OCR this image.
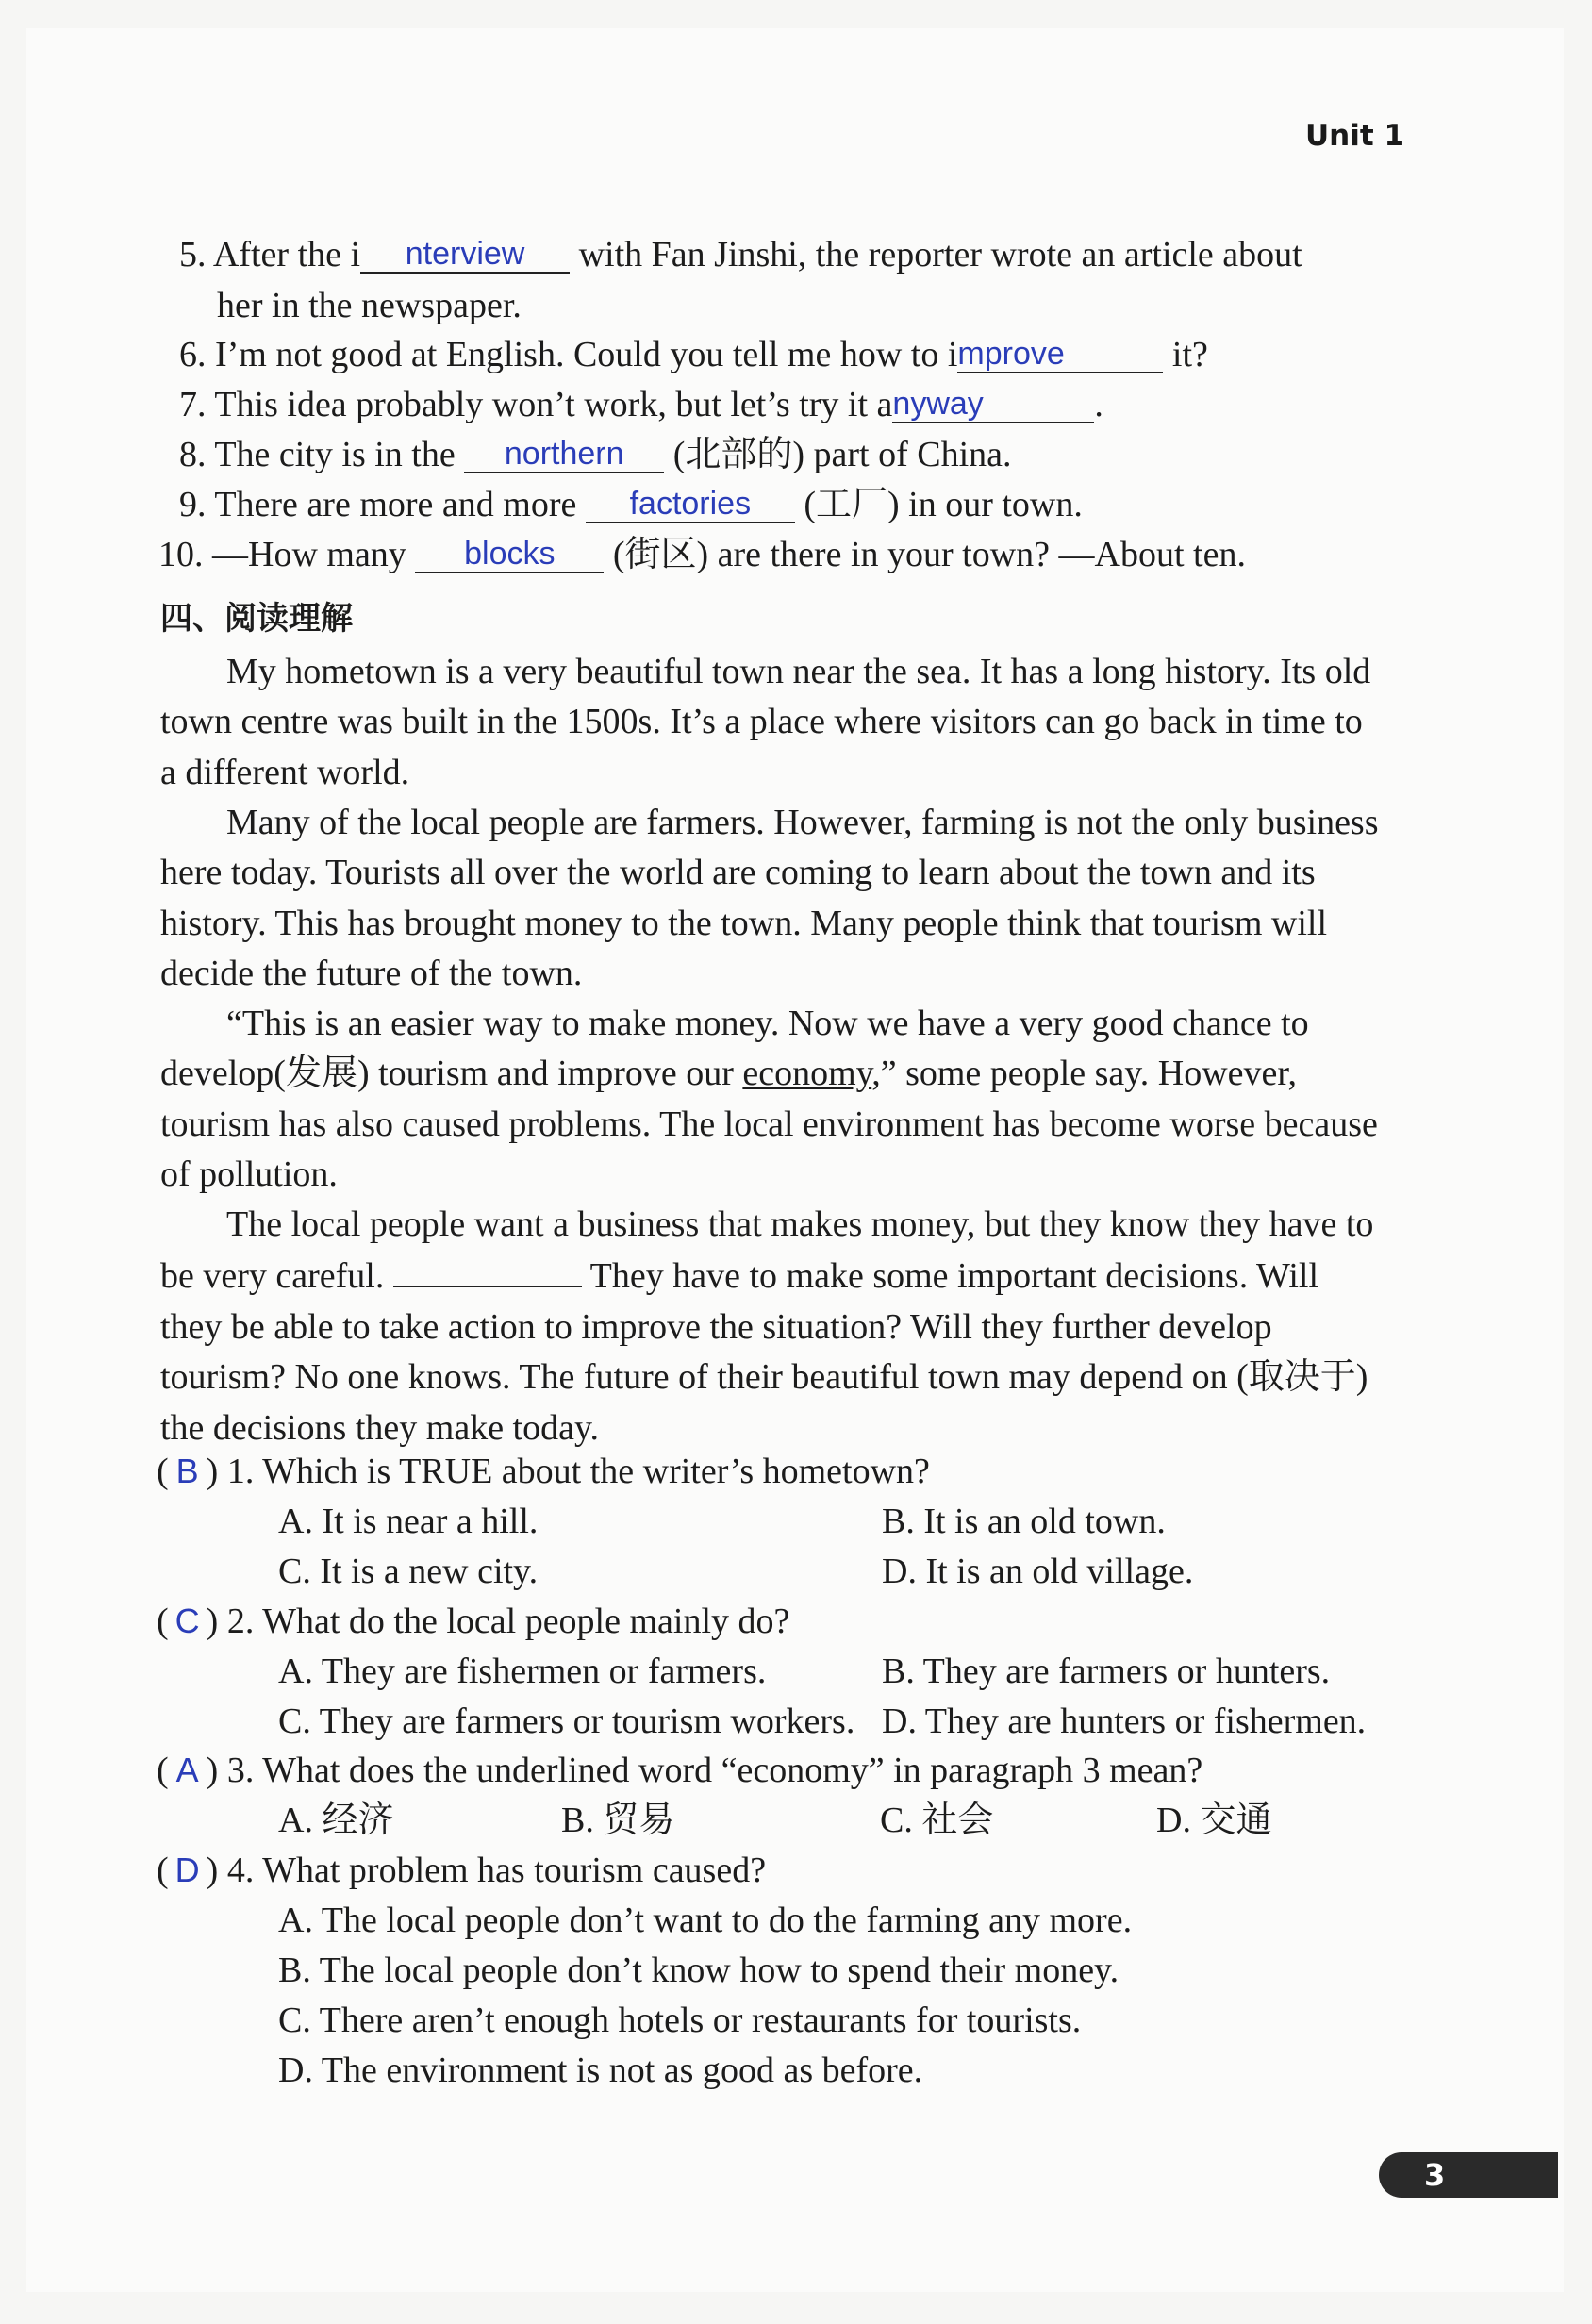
Unit 1
5. After the i nterview with Fan Jinshi, the reporter wrote an article about
her in the newspaper.
6. I’m not good at English. Could you tell me how to improve	it?
7. This idea probably won’t work, but let’s try it anyway	.
8. The city is in the northern (北部的) part of China.
9. There are more and more factories (工厂) in our town.
10. —How many blocks (街区) are there in your town? —About ten.
四、阅读理解
My hometown is a very beautiful town near the sea. It has a long history. Its old town centre was built in the 1500s. It’s a place where visitors can go back in time to a different world.
Many of the local people are farmers. However, farming is not the only business here today. Tourists all over the world are coming to learn about the town and its history. This has brought money to the town. Many people think that tourism will decide the future of the town.
“This is an easier way to make money. Now we have a very good chance to develop(发展) tourism and improve our economy,” some people say. However, tourism has also caused problems. The local environment has become worse because of pollution.
The local people want a business that makes money, but they know they have to be very careful.	They have to make some important decisions. Will they be able to take action to improve the situation? Will they further develop tourism? No one knows. The future of their beautiful town may depend on (取决于) the decisions they make today.
( B ) 1. Which is TRUE about the writer’s hometown?
A. It is near a hill.	B. It is an old town.
C. It is a new city.	D. It is an old village.
( C ) 2. What do the local people mainly do?
A. They are fishermen or farmers.	B. They are farmers or hunters.
C. They are farmers or tourism workers. D. They are hunters or fishermen.
( A ) 3. What does the underlined word “economy” in paragraph 3 mean?
A. 经济	B. 贸易	C. 社会	D. 交通
( D ) 4. What problem has tourism caused?
A. The local people don’t want to do the farming any more.
B. The local people don’t know how to spend their money.
C. There aren’t enough hotels or restaurants for tourists.
D. The environment is not as good as before.
3
